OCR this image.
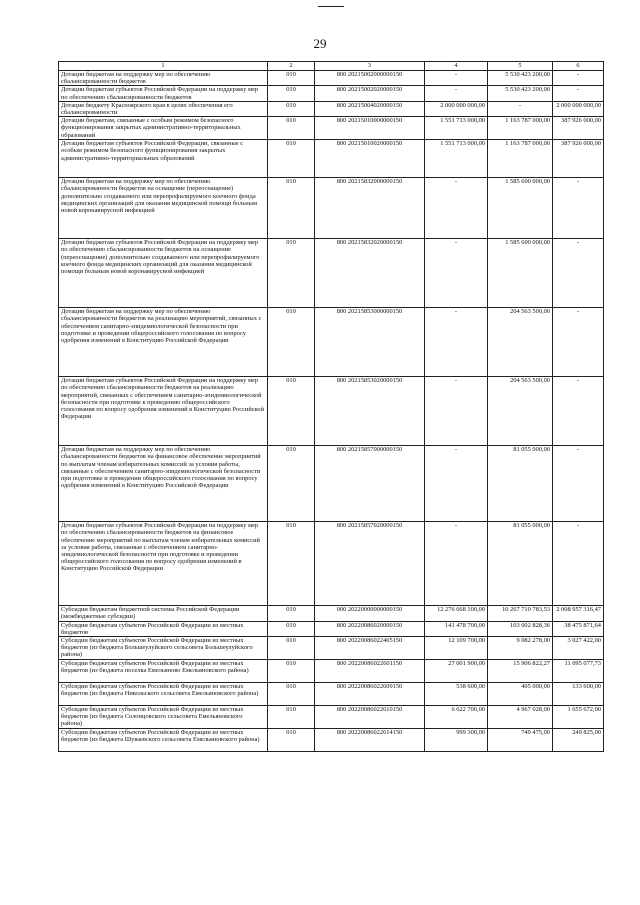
29
1	2	3	4	5	6
Дотации бюджетам на поддержку мер по обеспечению сбалансированности бюджетов	010	800 20215002000000150	-	5 530 423 200,00	-
Дотации бюджетам субъектов Российской Федерации на поддержку мер по обеспечению сбалансированности бюджетов	010	800 20215002020000150	-	5 530 423 200,00	-
Дотация бюджету Красноярского края в целях обеспечения его сбалансированности	010	800 20215004020000150	2 000 000 000,00	-	2 000 000 000,00
Дотации бюджетам, связанные с особым режимом безопасного функционирования закрытых административно-территориальных образований	010	800 20215010000000150	1 551 713 000,00	1 163 787 000,00	387 926 000,00
Дотации бюджетам субъектов Российской Федерации, связанные с особым режимом безопасного функционирования закрытых административно-территориальных образований	010	800 20215010020000150	1 551 713 000,00	1 163 787 000,00	387 926 000,00
Дотации бюджетам на поддержку мер по обеспечению сбалансированности бюджетов на оснащение (переоснащение) дополнительно создаваемого или перепрофилируемого коечного фонда медицинских организаций для оказания медицинской помощи больным новой коронавирусной инфекцией	010	800 20215832000000150	-	1 585 600 000,00	-
Дотации бюджетам субъектов Российской Федерации на поддержку мер по обеспечению сбалансированности бюджетов на оснащение (переоснащение) дополнительно создаваемого или перепрофилируемого коечного фонда медицинских организаций для оказания медицинской помощи больным новой коронавирусной инфекцией	010	800 20215832020000150	-	1 585 600 000,00	-
Дотации бюджетам на поддержку мер по обеспечению сбалансированности бюджетов на реализацию мероприятий, связанных с обеспечением санитарно-эпидемиологической безопасности при подготовке и проведении общероссийского голосования по вопросу одобрения изменений в Конституцию Российской Федерации	010	800 20215853000000150	-	204 563 500,00	-
Дотации бюджетам субъектов Российской Федерации на поддержку мер по обеспечению сбалансированности бюджетов на реализацию мероприятий, связанных с обеспечением санитарно-эпидемиологической безопасности при подготовке к проведению общероссийского голосования по вопросу одобрения изменений в Конституцию Российской Федерации	010	800 20215853020000150	-	204 563 500,00	-
Дотации бюджетам на поддержку мер по обеспечению сбалансированности бюджетов на финансовое обеспечение мероприятий по выплатам членам избирательных комиссий за условия работы, связанные с обеспечением санитарно-эпидемиологической безопасности при подготовке и проведении общероссийского голосования по вопросу одобрения изменений в Конституцию Российской Федерации	010	800 20215857000000150	-	81 055 000,00	-
Дотации бюджетам субъектов Российской Федерации на поддержку мер по обеспечению сбалансированности бюджетов на финансовое обеспечение мероприятий по выплатам членам избирательных комиссий за условия работы, связанные с обеспечением санитарно-эпидемиологической безопасности при подготовке и проведении общероссийского голосования по вопросу одобрения изменений в Конституцию Российской Федерации	010	800 20215857020000150	-	81 055 000,00	-
Субсидии бюджетам бюджетной системы Российской Федерации (межбюджетные субсидии)	010	000 20220000000000150	12 276 668 100,00	10 267 710 783,53	2 008 957 316,47
Субсидии бюджетам субъектов Российской Федерации из местных бюджетов	010	800 20220086020000150	141 478 700,00	103 002 828,36	38 475 871,64
Субсидии бюджетам субъектов Российской Федерации из местных бюджетов (из бюджета Большеулуйского сельсовета Большеулуйского района)	010	800 20220086022405150	12 109 700,00	9 082 278,00	3 027 422,00
Субсидии бюджетам субъектов Российской Федерации из местных бюджетов (из бюджета поселка Емельяново Емельяновского района)	010	800 20220086022601150	27 001 900,00	15 906 822,27	11 095 077,73
Субсидии бюджетам субъектов Российской Федерации из местных бюджетов (из бюджета Никольского сельсовета Емельяновского района)	010	800 20220086022609150	538 600,00	405 000,00	133 600,00
Субсидии бюджетам субъектов Российской Федерации из местных бюджетов (из бюджета Солонцовского сельсовета Емельяновского района)	010	800 20220086022610150	6 622 700,00	4 967 028,00	1 655 672,00
Субсидии бюджетам субъектов Российской Федерации из местных бюджетов (из бюджета Шуваевского сельсовета Емельяновского района)	010	800 20220086022614150	999 300,00	749 475,00	249 825,00
